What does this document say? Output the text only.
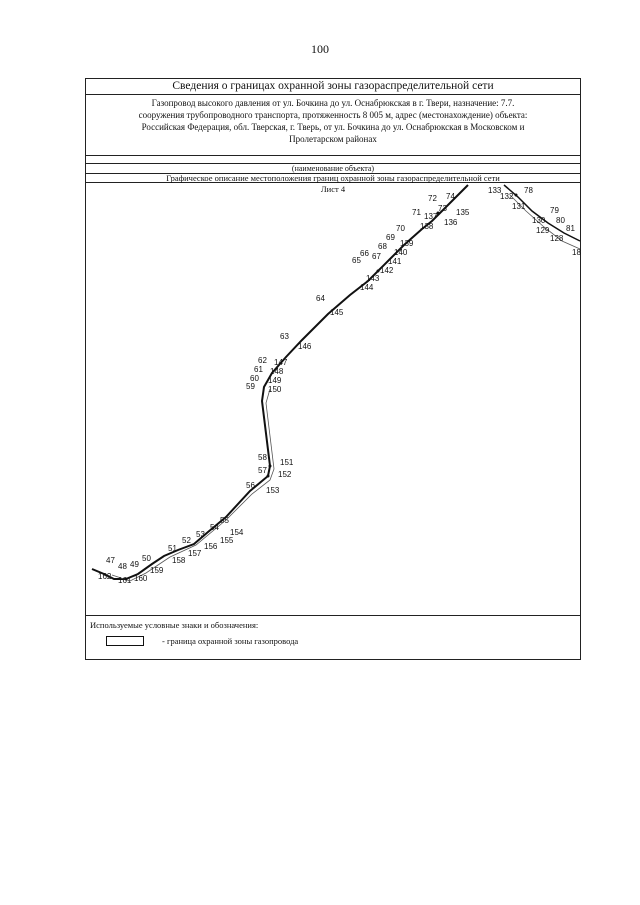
100
Сведения о границах охранной зоны газораспределительной сети
Газопровод высокого давления от ул. Бочкина до ул. Оснабрюкская в г. Твери, назначение: 7.7.
сооружения трубопроводного транспорта, протяженность 8 005 м, адрес (местонахождение) объекта:
Российская Федерация, обл. Тверская, г. Тверь, от ул. Бочкина до ул. Оснабрюкская в Московском и
Пролетарском районах
(наименование объекта)
Графическое описание местоположения границ охранной зоны газораспределительной сети
47
48 49
50
51
52
53
54
55
56
57
58
59
60
61
62
63
64
65
66 67
68
69
70
71
72
73
74
78
79
80
81
128
129
130
131
132
133
135
136
137
138
139
140
141
142
143
144
145
146
147
148
149
150
151
152
153
154
155
156
157
158
159
160
161
162
18
Лист 4
Используемые условные знаки и обозначения:
- граница охранной зоны газопровода
